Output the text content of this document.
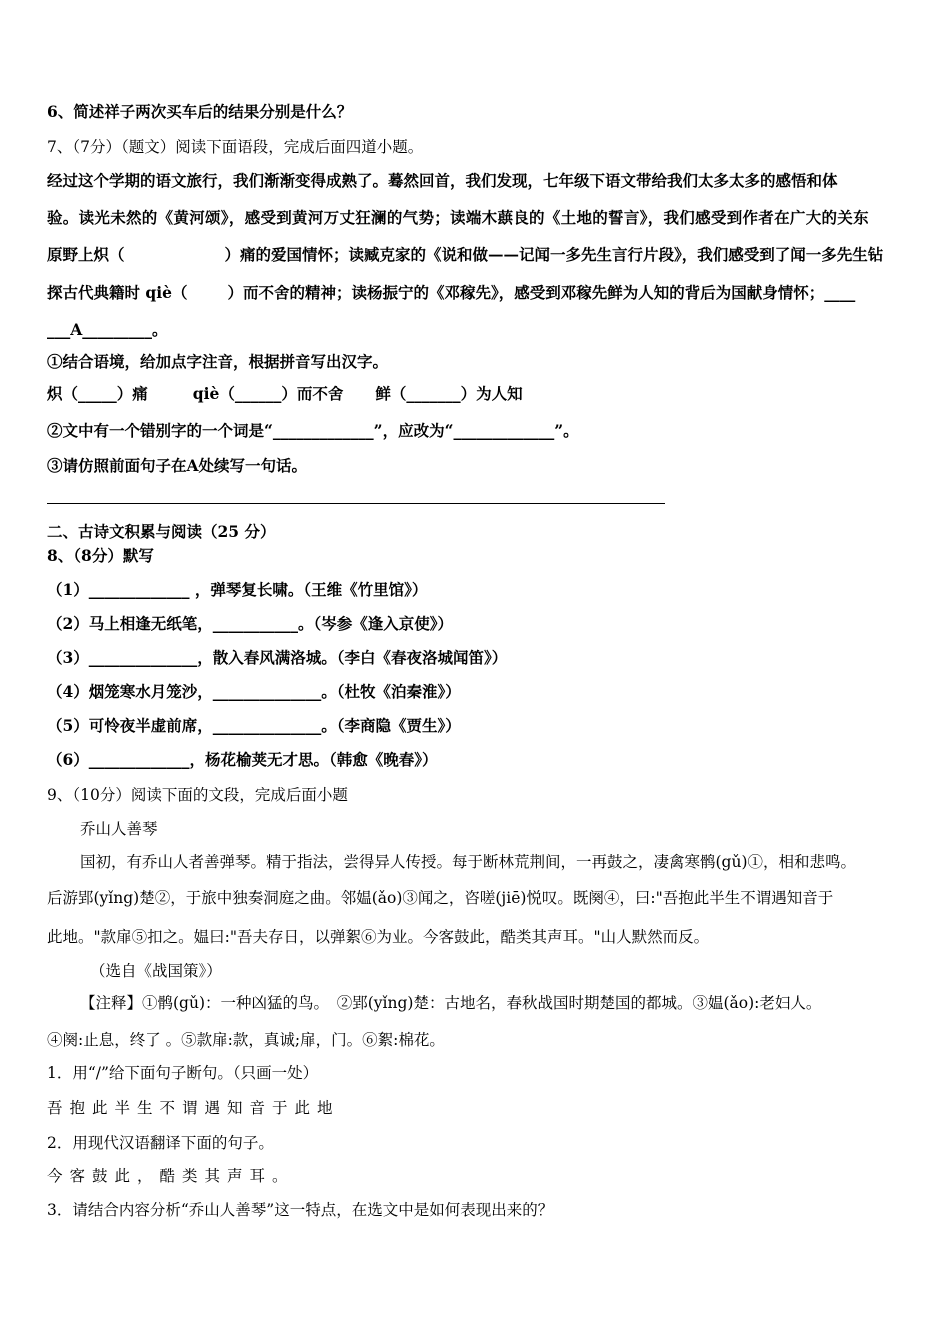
6、简述祥子两次买车后的结果分别是什么？
7、（7分）（题文）阅读下面语段，完成后面四道小题。
经过这个学期的语文旅行，我们渐渐变得成熟了。蓦然回首，我们发现，七年级下语文带给我们太多太多的感悟和体
验。读光未然的《黄河颂》，感受到黄河万丈狂澜的气势；读端木蕻良的《土地的誓言》，我们感受到作者在广大的关东
原野上炽（	）痛的爱国情怀；读臧克家的《说和做——记闻一多先生言行片段》，我们感受到了闻一多先生钻
探古代典籍时 qiè（	）而不舍的精神；读杨振宁的《邓稼先》，感受到邓稼先鲜为人知的背后为国献身情怀；____
___A_________。
①结合语境，给加点字注音，根据拼音写出汉字。
炽（_____）痛	qiè（______）而不舍 鲜（_______）为人知
②文中有一个错别字的一个词是“_____________”，应改为“_____________”。
③请仿照前面句子在A处续写一句话。
二、古诗文积累与阅读（25 分）
8、（8分）默写
（1）_____________ ，弹琴复长啸。（王维《竹里馆》）
（2）马上相逢无纸笔，___________。（岑参《逢入京使》）
（3）______________，散入春风满洛城。（李白《春夜洛城闻笛》）
（4）烟笼寒水月笼沙，______________。（杜牧《泊秦淮》）
（5）可怜夜半虚前席，______________。（李商隐《贾生》）
（6）_____________，杨花榆荚无才思。（韩愈《晚春》）
9、（10分）阅读下面的文段，完成后面小题
乔山人善琴
国初，有乔山人者善弹琴。精于指法，尝得异人传授。每于断林荒荆间，一再鼓之，凄禽寒鹘(gǔ)①，相和悲鸣。
后游郢(yǐng)楚②，于旅中独奏洞庭之曲。邻媪(ǎo)③闻之，咨嗟(jiē)悦叹。既阕④，曰:"吾抱此半生不谓遇知音于
此地。"款扉⑤扣之。媪曰:"吾夫存日，以弹絮⑥为业。今客鼓此，酷类其声耳。"山人默然而反。
（选自《战国策》）
【注释】①鹘(gǔ)：一种凶猛的鸟。　②郢(yǐng)楚：古地名，春秋战国时期楚国的都城。③媪(ǎo):老妇人。
④阕:止息，终了 。⑤款扉:款，真诚;扉，门。⑥絮:棉花。
1．用“/”给下面句子断句。（只画一处）
吾抱此半生不谓遇知音于此地
2．用现代汉语翻译下面的句子。
今客鼓此，酷类其声耳。
3．请结合内容分析“乔山人善琴”这一特点，在选文中是如何表现出来的？
